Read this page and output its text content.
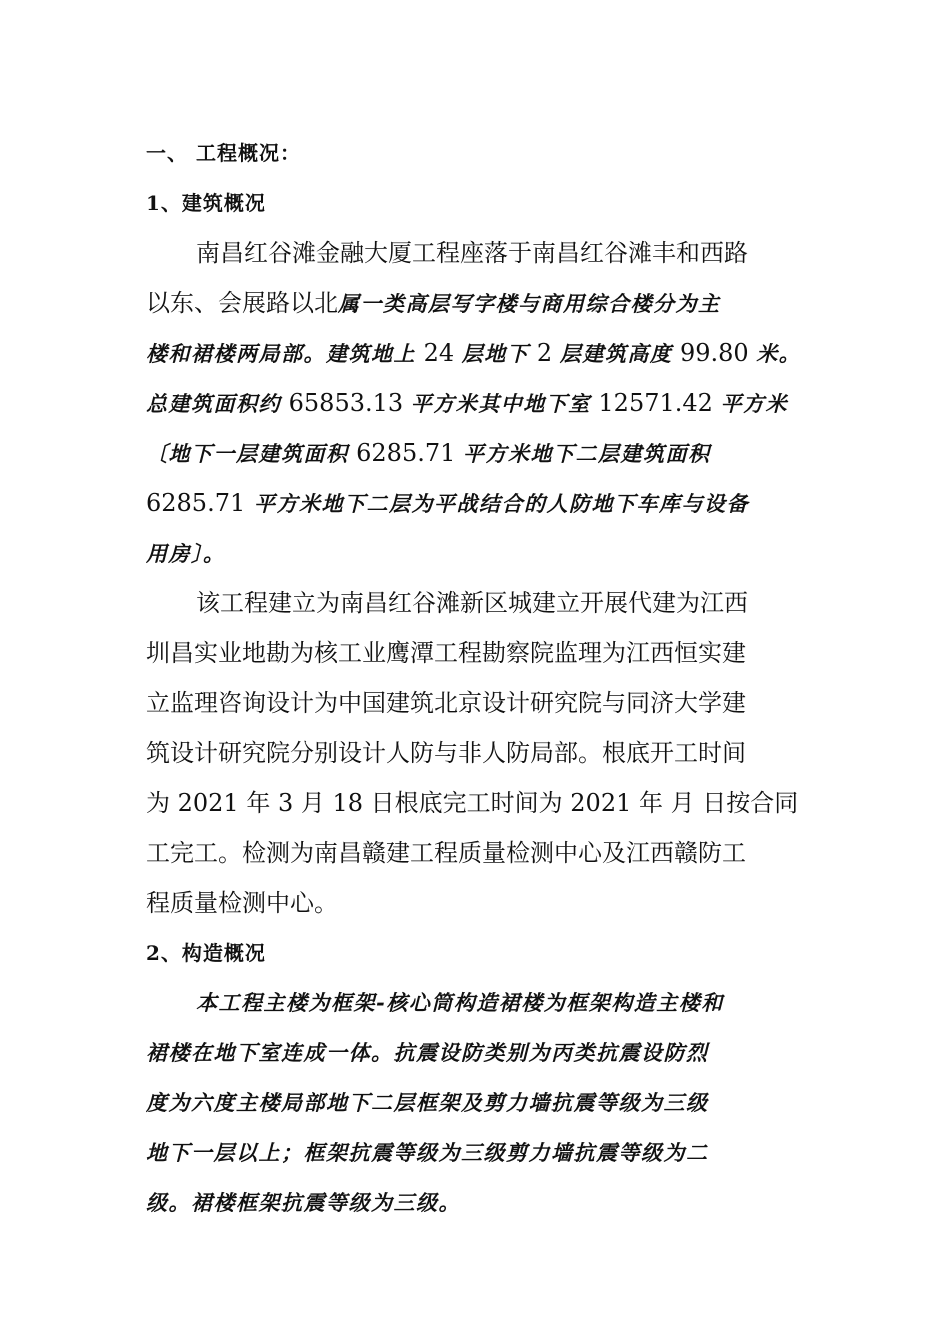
一、 工程概况：
1、建筑概况
南昌红谷滩金融大厦工程座落于南昌红谷滩丰和西路
以东、会展路以北属一类高层写字楼与商用综合楼分为主
楼和裙楼两局部。建筑地上 24 层地下 2 层建筑高度 99.80 米。
总建筑面积约 65853.13 平方米其中地下室 12571.42 平方米
〔地下一层建筑面积 6285.71 平方米地下二层建筑面积
6285.71 平方米地下二层为平战结合的人防地下车库与设备
用房〕。
该工程建立为南昌红谷滩新区城建立开展代建为江西
圳昌实业地勘为核工业鹰潭工程勘察院监理为江西恒实建
立监理咨询设计为中国建筑北京设计研究院与同济大学建
筑设计研究院分别设计人防与非人防局部。根底开工时间
为 2021 年 3 月 18 日根底完工时间为 2021 年 月 日按合同
工完工。检测为南昌赣建工程质量检测中心及江西赣防工
程质量检测中心。
2、构造概况
本工程主楼为框架-核心筒构造裙楼为框架构造主楼和
裙楼在地下室连成一体。抗震设防类别为丙类抗震设防烈
度为六度主楼局部地下二层框架及剪力墙抗震等级为三级
地下一层以上；框架抗震等级为三级剪力墙抗震等级为二
级。裙楼框架抗震等级为三级。
